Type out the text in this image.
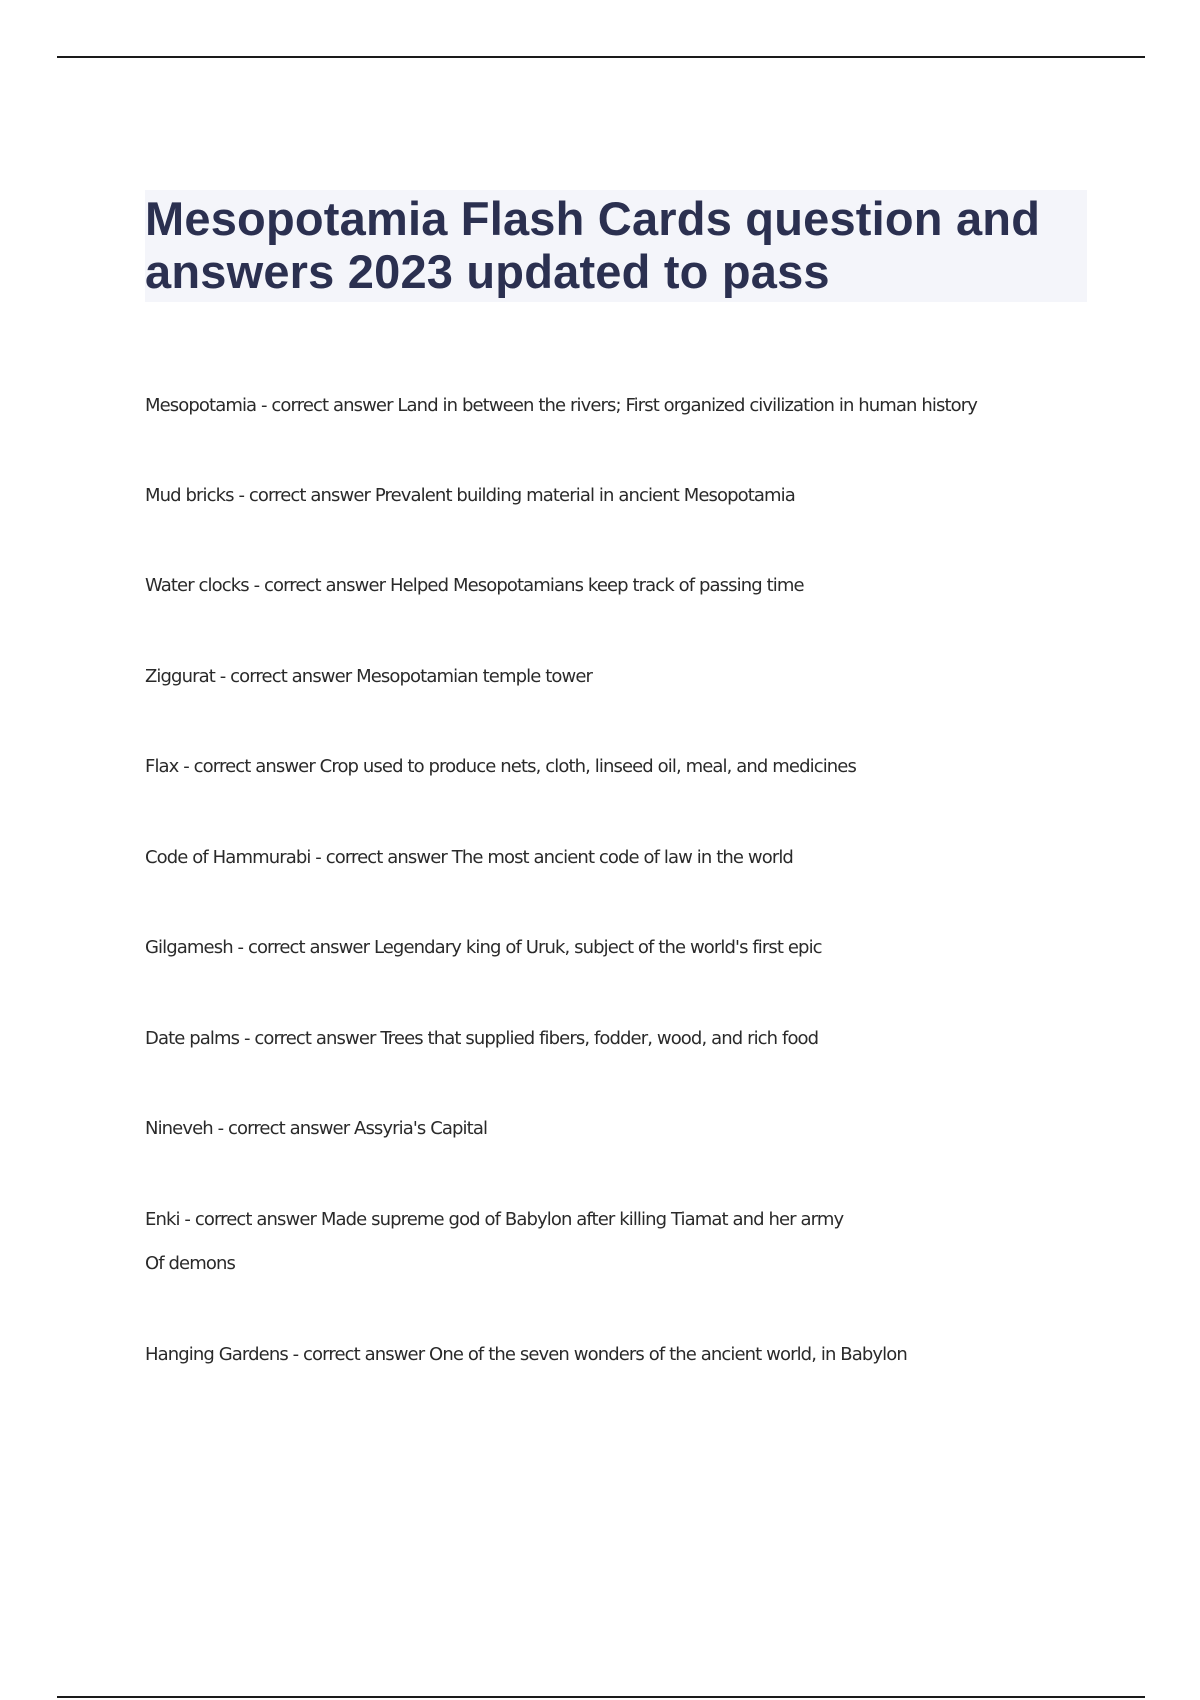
Mesopotamia Flash Cards question and answers 2023 updated to pass
Mesopotamia - correct answer Land in between the rivers; First organized civilization in human history
Mud bricks - correct answer Prevalent building material in ancient Mesopotamia
Water clocks - correct answer Helped Mesopotamians keep track of passing time
Ziggurat - correct answer Mesopotamian temple tower
Flax - correct answer Crop used to produce nets, cloth, linseed oil, meal, and medicines
Code of Hammurabi - correct answer The most ancient code of law in the world
Gilgamesh - correct answer Legendary king of Uruk, subject of the world's first epic
Date palms - correct answer Trees that supplied fibers, fodder, wood, and rich food
Nineveh - correct answer Assyria's Capital
Enki - correct answer Made supreme god of Babylon after killing Tiamat and her army
Of demons
Hanging Gardens - correct answer One of the seven wonders of the ancient world, in Babylon
